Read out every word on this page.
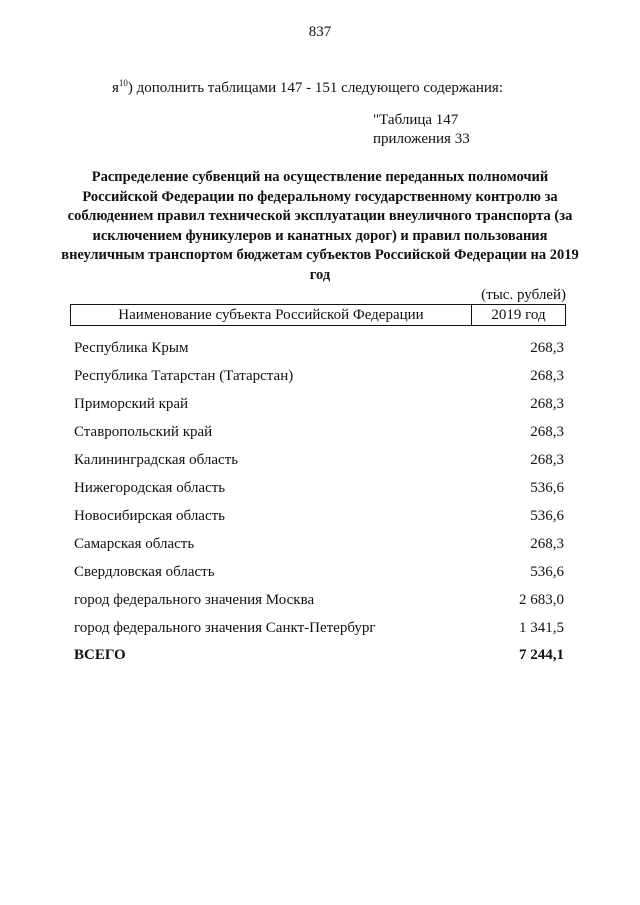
837
$я^{10}$) дополнить таблицами 147 - 151 следующего содержания:
"Таблица 147
приложения 33
Распределение субвенций на осуществление переданных полномочий Российской Федерации по федеральному государственному контролю за соблюдением правил технической эксплуатации внеуличного транспорта (за исключением фуникулеров и канатных дорог) и правил пользования внеуличным транспортом бюджетам субъектов Российской Федерации на 2019 год
(тыс. рублей)
Наименование субъекта Российской Федерации	2019 год
Республика Крым	268,3
Республика Татарстан (Татарстан)	268,3
Приморский край	268,3
Ставропольский край	268,3
Калининградская область	268,3
Нижегородская область	536,6
Новосибирская область	536,6
Самарская область	268,3
Свердловская область	536,6
город федерального значения Москва	2 683,0
город федерального значения Санкт-Петербург	1 341,5
ВСЕГО	7 244,1
